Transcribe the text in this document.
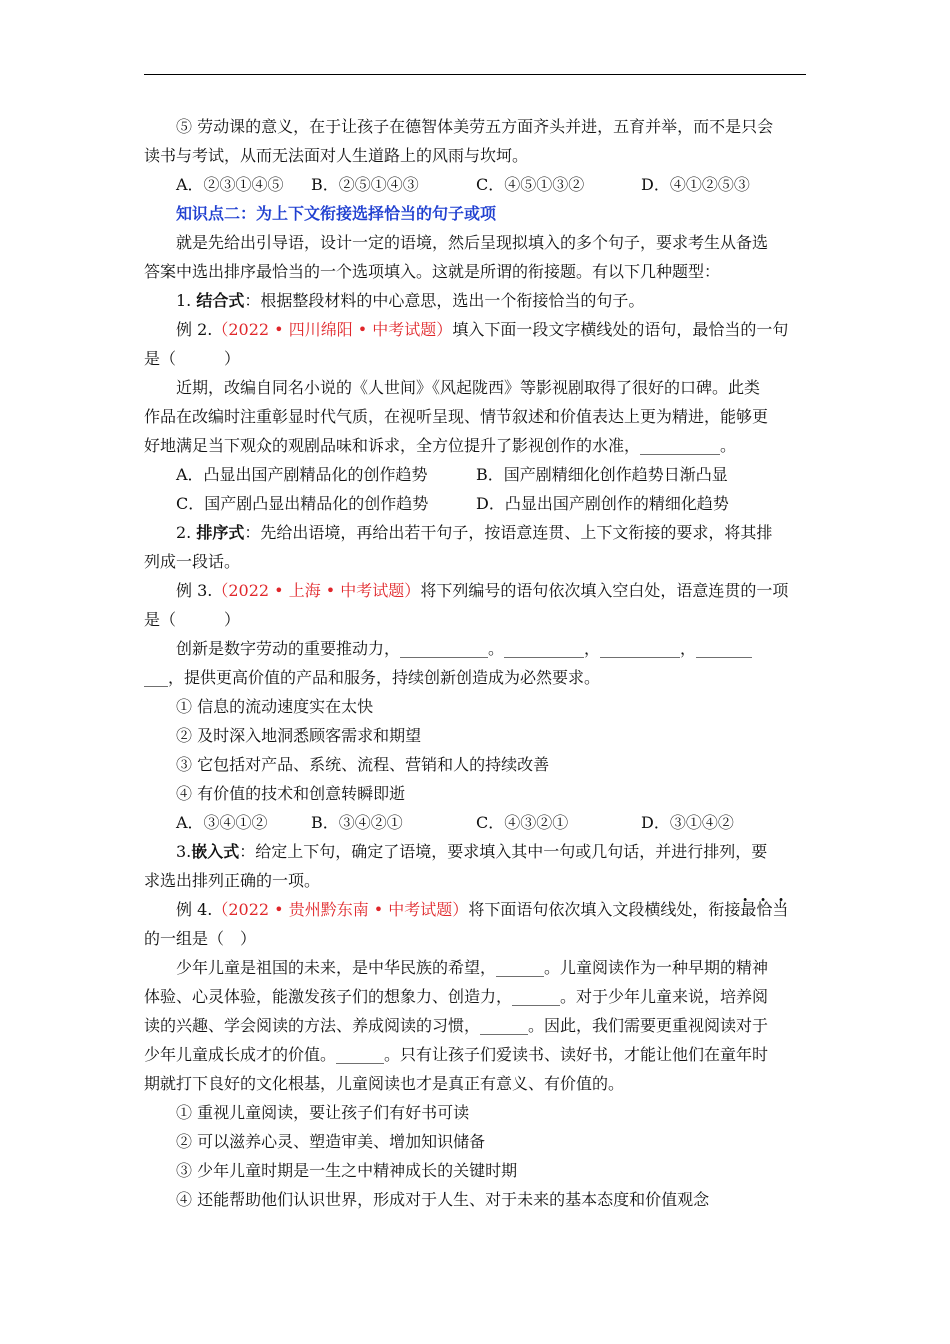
⑤ 劳动课的意义，在于让孩子在德智体美劳五方面齐头并进，五育并举，而不是只会
读书与考试，从而无法面对人生道路上的风雨与坎坷。
A．②③①④⑤ B．②⑤①④③	C．④⑤①③②	D．④①②⑤③
知识点二：为上下文衔接选择恰当的句子或项
就是先给出引导语，设计一定的语境，然后呈现拟填入的多个句子，要求考生从备选
答案中选出排序最恰当的一个选项填入。这就是所谓的衔接题。有以下几种题型：
1. 结合式：根据整段材料的中心意思，选出一个衔接恰当的句子。
例 2.（2022 • 四川绵阳 • 中考试题）填入下面一段文字横线处的语句，最恰当的一句
是（　　　）
近期，改编自同名小说的《人世间》《风起陇西》等影视剧取得了很好的口碑。此类
作品在改编时注重彰显时代气质，在视听呈现、情节叙述和价值表达上更为精进，能够更
好地满足当下观众的观剧品味和诉求，全方位提升了影视创作的水准，__________。
A．凸显出国产剧精品化的创作趋势	B．国产剧精细化创作趋势日渐凸显
C．国产剧凸显出精品化的创作趋势	D．凸显出国产剧创作的精细化趋势
2. 排序式：先给出语境，再给出若干句子，按语意连贯、上下文衔接的要求，将其排
列成一段话。
例 3.（2022 • 上海 • 中考试题）将下列编号的语句依次填入空白处，语意连贯的一项
是（　　　）
创新是数字劳动的重要推动力，___________。__________，__________，_______
___，提供更高价值的产品和服务，持续创新创造成为必然要求。
① 信息的流动速度实在太快
② 及时深入地洞悉顾客需求和期望
③ 它包括对产品、系统、流程、营销和人的持续改善
④ 有价值的技术和创意转瞬即逝
A．③④①②	B．③④②①	C．④③②①	D．③①④②
3.嵌入式：给定上下句，确定了语境，要求填入其中一句或几句话，并进行排列，要
求选出排列正确的一项。
例 4.（2022 • 贵州黔东南 • 中考试题）将下面语句依次填入文段横线处，衔接·  ·  · 最恰当
的一组是（　）
少年儿童是祖国的未来，是中华民族的希望，______。儿童阅读作为一种早期的精神
体验、心灵体验，能激发孩子们的想象力、创造力，______。对于少年儿童来说，培养阅
读的兴趣、学会阅读的方法、养成阅读的习惯，______。因此，我们需要更重视阅读对于
少年儿童成长成才的价值。______。只有让孩子们爱读书、读好书，才能让他们在童年时
期就打下良好的文化根基，儿童阅读也才是真正有意义、有价值的。
① 重视儿童阅读，要让孩子们有好书可读
② 可以滋养心灵、塑造审美、增加知识储备
③ 少年儿童时期是一生之中精神成长的关键时期
④ 还能帮助他们认识世界，形成对于人生、对于未来的基本态度和价值观念
